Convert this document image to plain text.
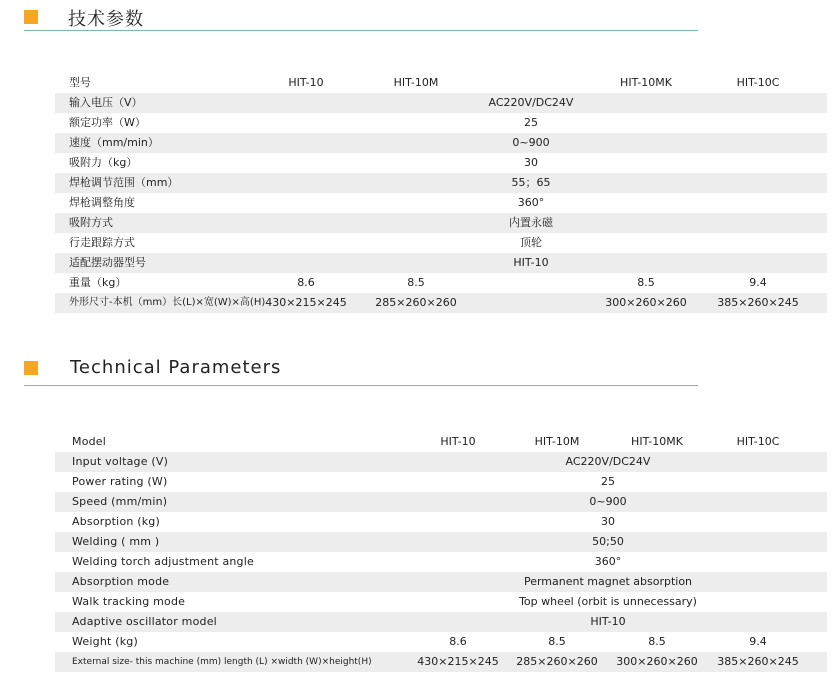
技术参数
型号	HIT-10	HIT-10M	HIT-10MK	HIT-10C
输入电压（V）	AC220V/DC24V
额定功率（W）	25
速度（mm/min）	0~900
吸附力（kg）	30
焊枪调节范围（mm）	55；65
焊枪调整角度	360°
吸附方式	内置永磁
行走跟踪方式	顶轮
适配摆动器型号	HIT-10
重量（kg）	8.6	8.5	8.5	9.4
外形尺寸-本机（mm）长(L)×宽(W)×高(H) 430×215×245	285×260×260	300×260×260	385×260×245
Technical Parameters
Model	HIT-10	HIT-10M	HIT-10MK	HIT-10C
Input voltage (V)	AC220V/DC24V
Power rating (W)	25
Speed (mm/min)	0~900
Absorption (kg)	30
Welding ( mm )	50;50
Welding torch adjustment angle	360°
Absorption mode	Permanent magnet absorption
Walk tracking mode	Top wheel (orbit is unnecessary)
Adaptive oscillator model	HIT-10
Weight (kg)	8.6	8.5	8.5	9.4
External size- this machine (mm) length (L) ×width (W)×height(H)	430×215×245 285×260×260 300×260×260 385×260×245
